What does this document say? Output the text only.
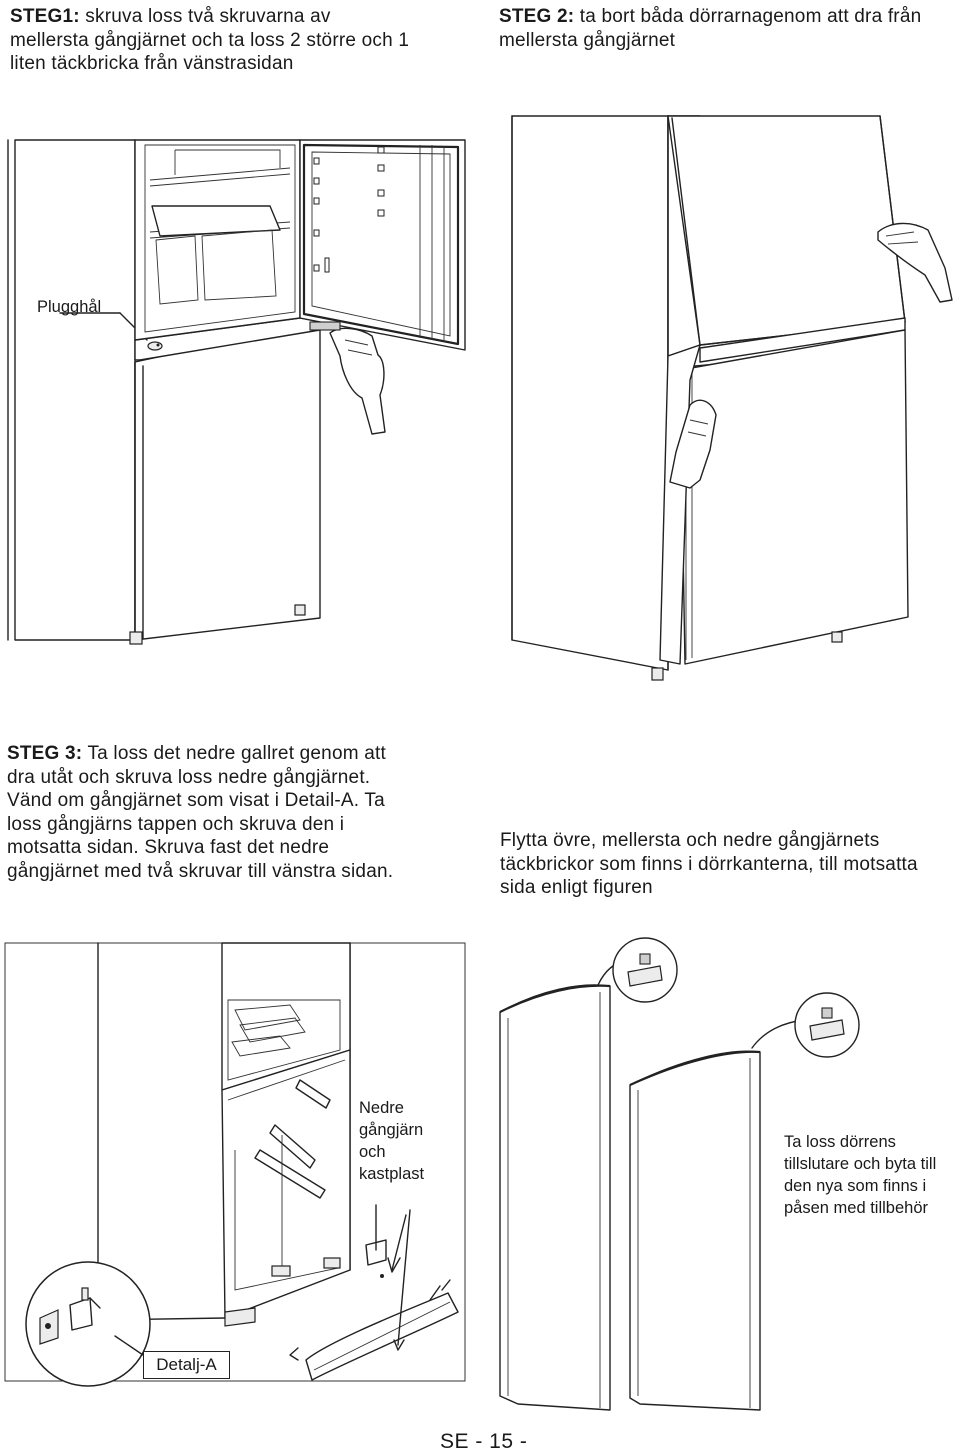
STEG1: skruva loss två skruvarna av mellersta gångjärnet och ta loss 2 större och 1 liten täckbricka från vänstrasidan

STEG 2: ta bort båda dörrarnagenom att dra från mellersta gångjärnet

STEG 3: Ta loss det nedre gallret genom att dra utåt och skruva loss nedre gångjärnet. Vänd om gångjärnet som visat i Detail-A. Ta loss gångjärns tappen och skruva den i motsatta sidan. Skruva fast det nedre gångjärnet med två skruvar till vänstra sidan.

Flytta övre, mellersta och nedre gångjärnets täckbrickor som finns i dörrkanterna, till motsatta sida enligt figuren

Plugghål
Nedre gångjärn och kastplast
Ta loss dörrens tillslutare och byta till den nya som finns i påsen med tillbehör
Detalj-A
SE - 15 -
